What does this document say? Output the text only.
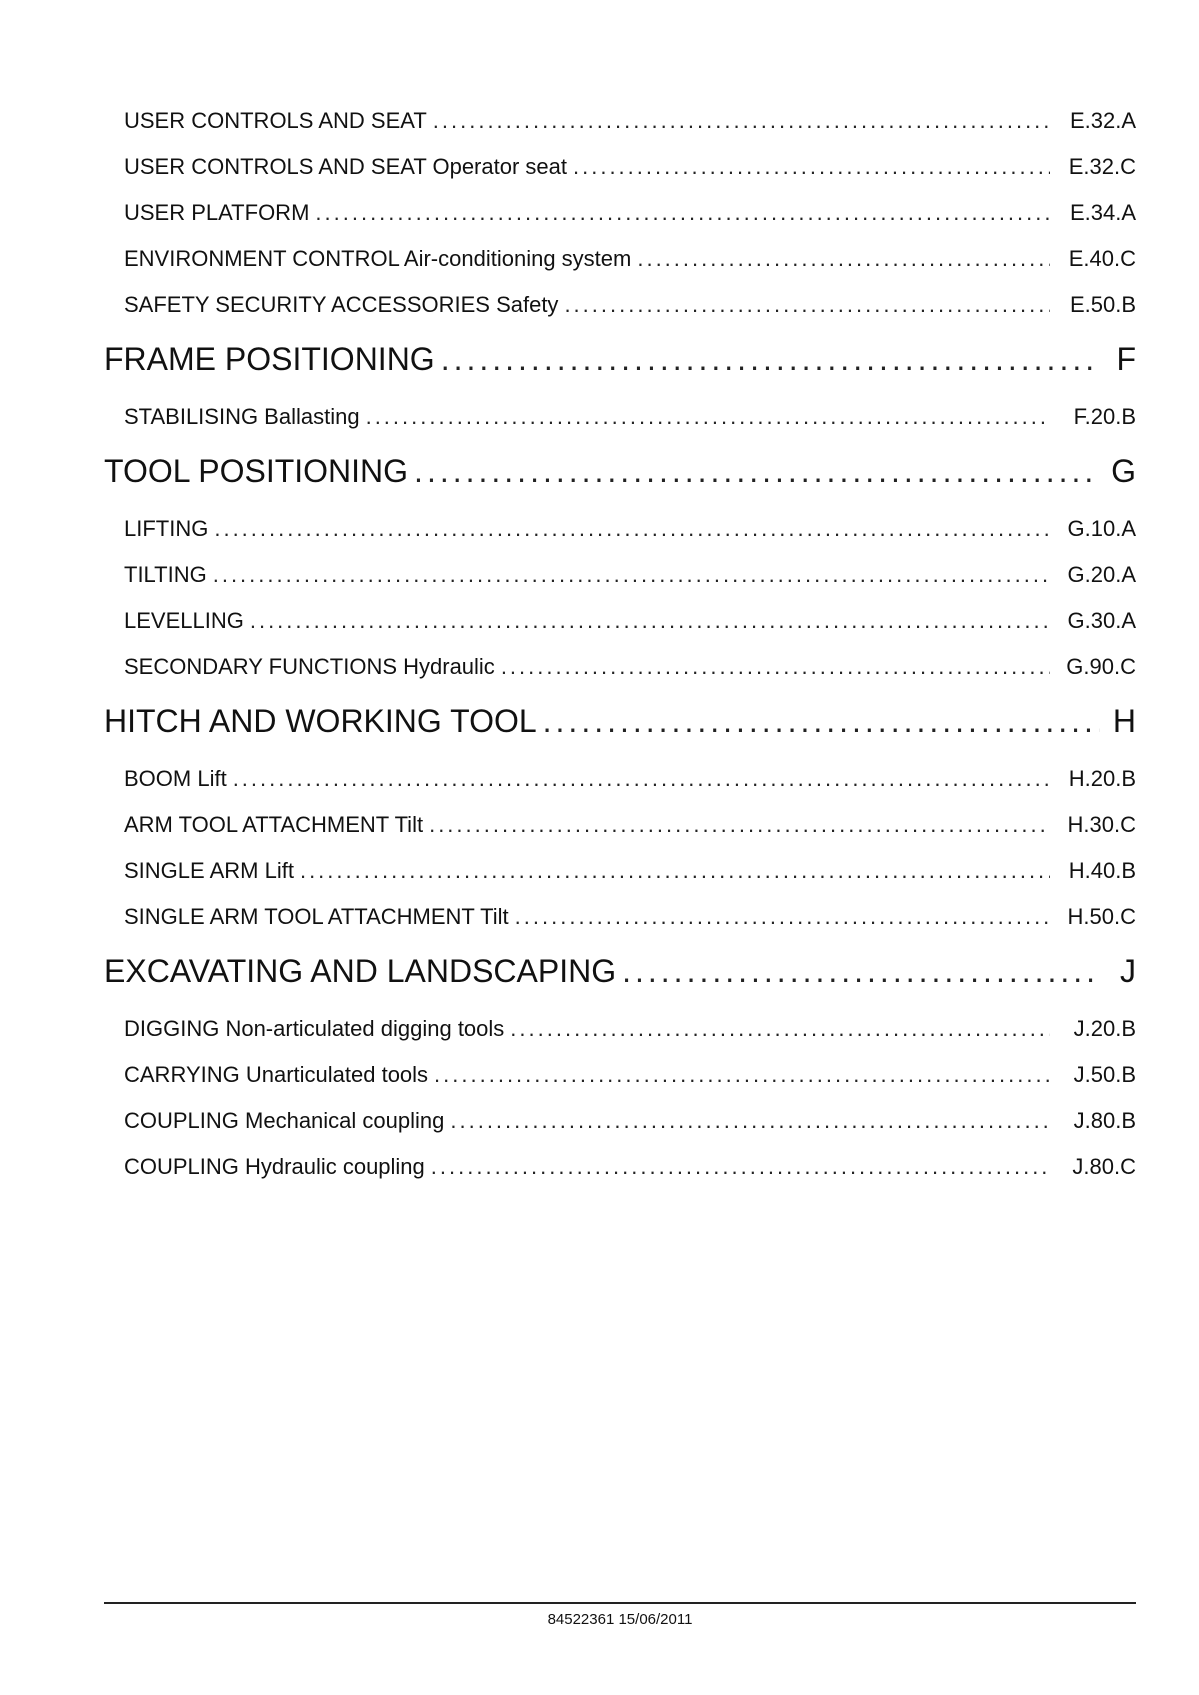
USER CONTROLS AND SEAT .....	E.32.A
USER CONTROLS AND SEAT Operator seat .....	E.32.C
USER PLATFORM .....	E.34.A
ENVIRONMENT CONTROL Air-conditioning system .....	E.40.C
SAFETY SECURITY ACCESSORIES Safety .....	E.50.B
FRAME POSITIONING .....	F
STABILISING Ballasting .....	F.20.B
TOOL POSITIONING .....	G
LIFTING .....	G.10.A
TILTING .....	G.20.A
LEVELLING .....	G.30.A
SECONDARY FUNCTIONS Hydraulic .....	G.90.C
HITCH AND WORKING TOOL .....	H
BOOM Lift .....	H.20.B
ARM TOOL ATTACHMENT Tilt .....	H.30.C
SINGLE ARM Lift .....	H.40.B
SINGLE ARM TOOL ATTACHMENT Tilt .....	H.50.C
EXCAVATING AND LANDSCAPING .....	J
DIGGING Non-articulated digging tools .....	J.20.B
CARRYING Unarticulated tools .....	J.50.B
COUPLING Mechanical coupling .....	J.80.B
COUPLING Hydraulic coupling .....	J.80.C
84522361 15/06/2011
